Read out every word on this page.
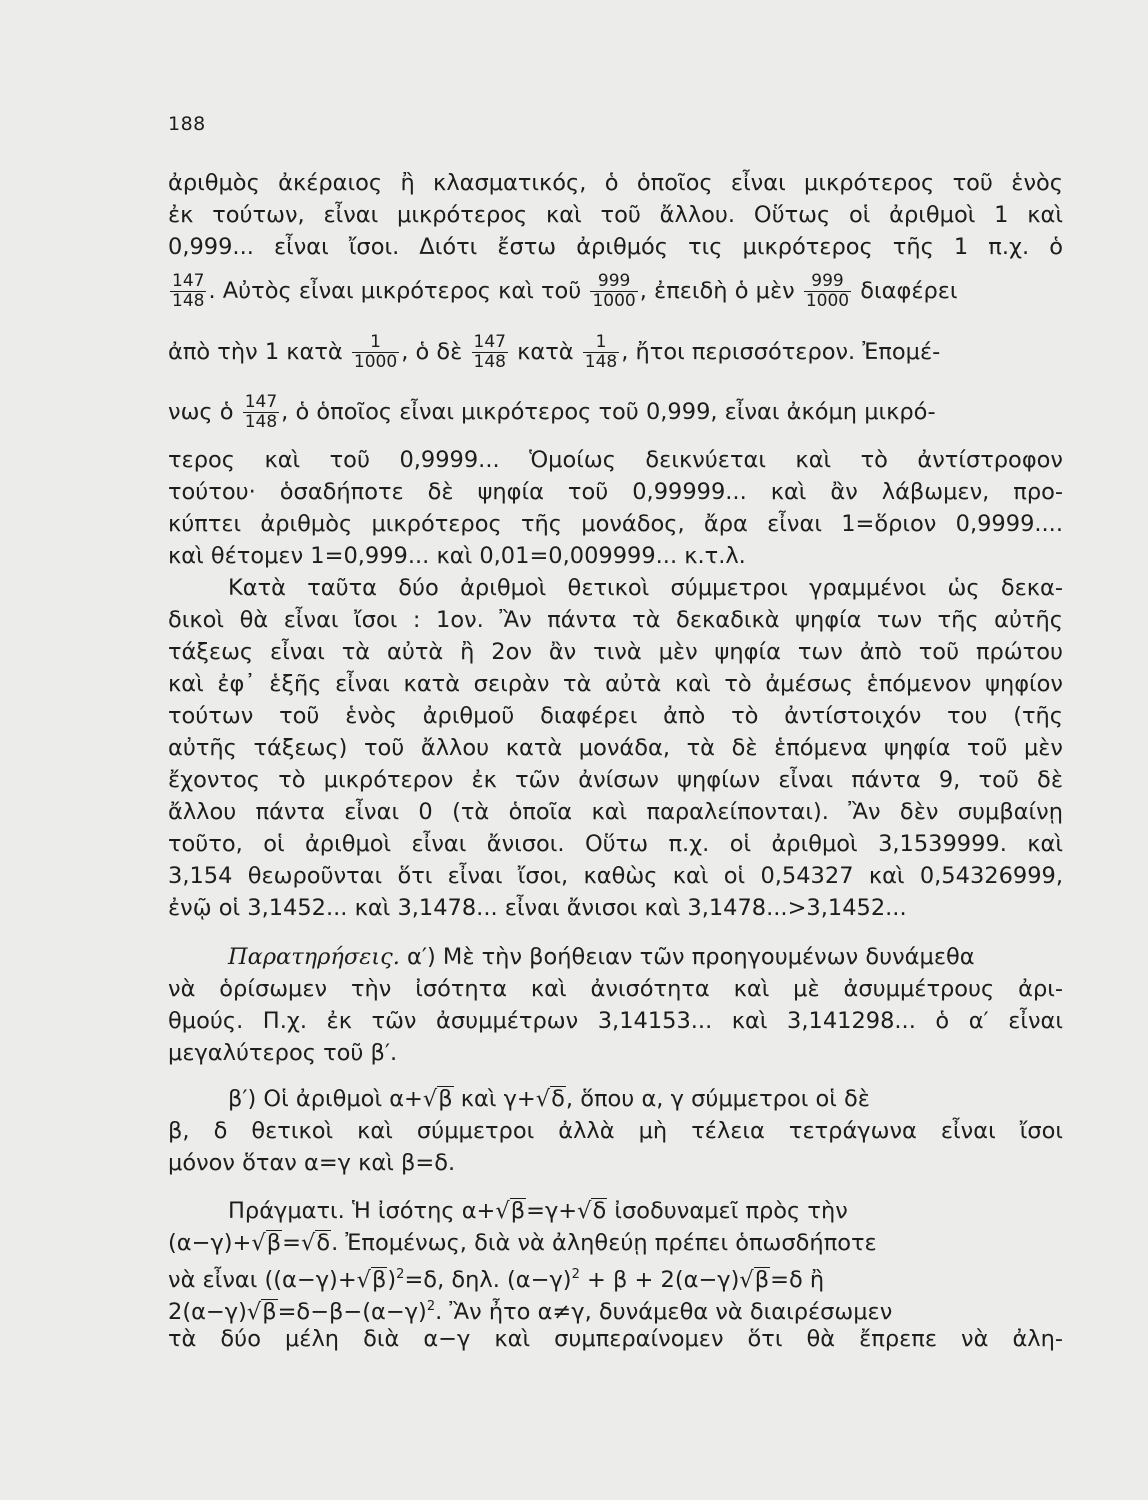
188
ἀριθμὸς ἀκέραιος ἢ κλασματικός, ὁ ὁποῖος εἶναι μικρότερος τοῦ ἑνὸς
ἐκ τούτων, εἶναι μικρότερος καὶ τοῦ ἄλλου. Οὕτως οἱ ἀριθμοὶ 1 καὶ
0,999... εἶναι ἴσοι. Διότι ἔστω ἀριθμός τις μικρότερος τῆς 1 π.χ. ὁ
$\frac{147}{148}$ . Αὐτὸς εἶναι μικρότερος καὶ τοῦ $\frac{999}{1000}$ , ἐπειδὴ ὁ μὲν $\frac{999}{1000}$ διαφέρει
ἀπὸ τὴν 1 κατὰ $\frac{1}{1000}$ , ὁ δὲ $\frac{147}{148}$ κατὰ $\frac{1}{148}$ , ἤτοι περισσότερον. Ἐπομέ-
νως ὁ $\frac{147}{148}$ , ὁ ὁποῖος εἶναι μικρότερος τοῦ 0,999, εἶναι ἀκόμη μικρό-
τερος καὶ τοῦ 0,9999... Ὁμοίως δεικνύεται καὶ τὸ ἀντίστροφον
τούτου· ὁσαδήποτε δὲ ψηφία τοῦ 0,99999... καὶ ἂν λάβωμεν, προ-
κύπτει ἀριθμὸς μικρότερος τῆς μονάδος, ἄρα εἶναι 1=ὅριον 0,9999....
καὶ θέτομεν 1=0,999... καὶ 0,01=0,009999... κ.τ.λ.
Κατὰ ταῦτα δύο ἀριθμοὶ θετικοὶ σύμμετροι γραμμένοι ὡς δεκα-
δικοὶ θὰ εἶναι ἴσοι : 1ον. Ἂν πάντα τὰ δεκαδικὰ ψηφία των τῆς αὐτῆς
τάξεως εἶναι τὰ αὐτὰ ἢ 2ον ἂν τινὰ μὲν ψηφία των ἀπὸ τοῦ πρώτου
καὶ ἐφ᾽ ἑξῆς εἶναι κατὰ σειρὰν τὰ αὐτὰ καὶ τὸ ἀμέσως ἑπόμενον ψηφίον
τούτων τοῦ ἑνὸς ἀριθμοῦ διαφέρει ἀπὸ τὸ ἀντίστοιχόν του (τῆς
αὐτῆς τάξεως) τοῦ ἄλλου κατὰ μονάδα, τὰ δὲ ἑπόμενα ψηφία τοῦ μὲν
ἔχοντος τὸ μικρότερον ἐκ τῶν ἀνίσων ψηφίων εἶναι πάντα 9, τοῦ δὲ
ἄλλου πάντα εἶναι 0 (τὰ ὁποῖα καὶ παραλείπονται). Ἂν δὲν συμβαίνῃ
τοῦτο, οἱ ἀριθμοὶ εἶναι ἄνισοι. Οὕτω π.χ. οἱ ἀριθμοὶ 3,1539999. καὶ
3,154 θεωροῦνται ὅτι εἶναι ἴσοι, καθὼς καὶ οἱ 0,54327 καὶ 0,54326999,
ἐνῷ οἱ 3,1452... καὶ 3,1478... εἶναι ἄνισοι καὶ 3,1478...>3,1452...
Παρατηρήσεις. α′) Μὲ τὴν βοήθειαν τῶν προηγουμένων δυνάμεθα
νὰ ὁρίσωμεν τὴν ἰσότητα καὶ ἀνισότητα καὶ μὲ ἀσυμμέτρους ἀρι-
θμούς. Π.χ. ἐκ τῶν ἀσυμμέτρων 3,14153... καὶ 3,141298... ὁ α′ εἶναι
μεγαλύτερος τοῦ β′.
β′) Οἱ ἀριθμοὶ α+√β καὶ γ+√δ, ὅπου α, γ σύμμετροι οἱ δὲ
β, δ θετικοὶ καὶ σύμμετροι ἀλλὰ μὴ τέλεια τετράγωνα εἶναι ἴσοι
μόνον ὅταν α=γ καὶ β=δ.
Πράγματι. Ἡ ἰσότης α+√β=γ+√δ ἰσοδυναμεῖ πρὸς τὴν
(α−γ)+√β=√δ. Ἐπομένως, διὰ νὰ ἀληθεύῃ πρέπει ὁπωσδήποτε
νὰ εἶναι $((\alpha-\gamma)+√\beta)^2=\delta$, δηλ. $(\alpha-\gamma)^2 + \beta + 2(\alpha-\gamma)√\beta=\delta$ ἢ
$2(\alpha-\gamma)√\beta=\delta-\beta-(\alpha-\gamma)^2$. Ἂν ἦτο α≠γ, δυνάμεθα νὰ διαιρέσωμεν
τὰ δύο μέλη διὰ α−γ καὶ συμπεραίνομεν ὅτι θὰ ἔπρεπε νὰ ἀλη-
